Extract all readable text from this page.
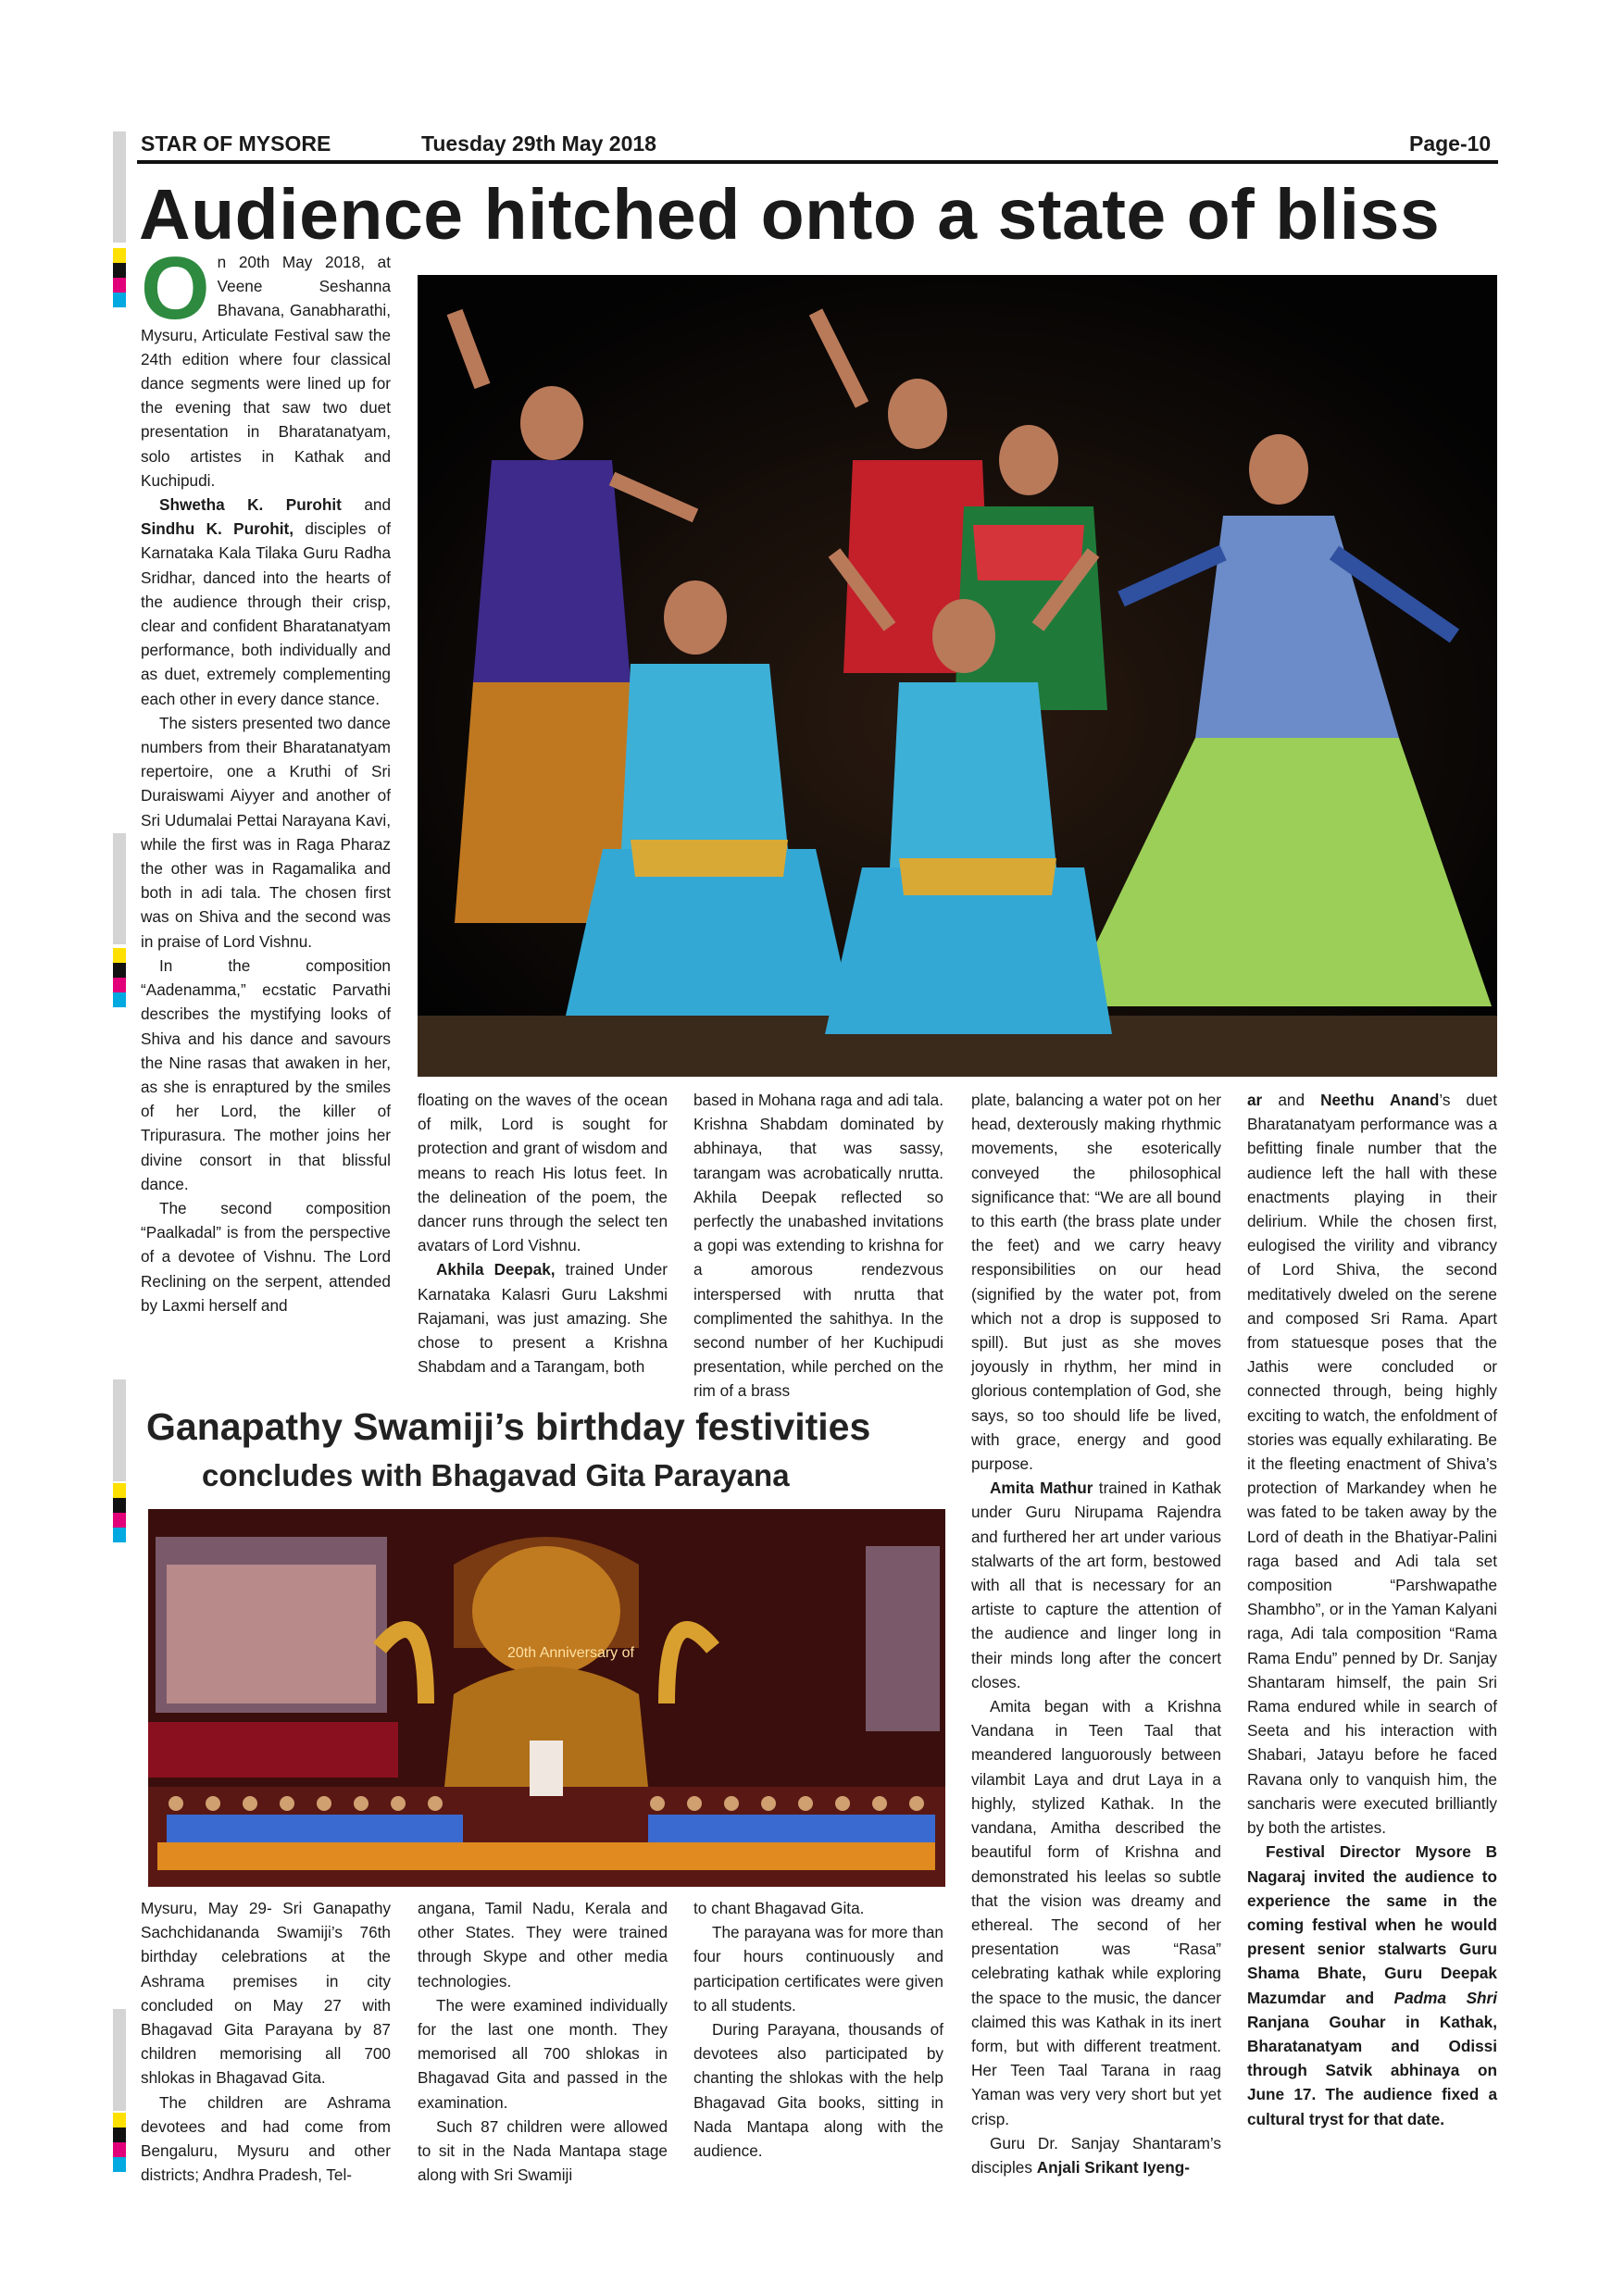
STAR OF MYSORE	Tuesday 29th May 2018	Page-10
Audience hitched onto a state of bliss

On 20th May 2018, at Veene Seshanna Bhavana, Ganabharathi, Mysuru, Articulate Festival saw the 24th edition where four classical dance segments were lined up for the evening that saw two duet presentation in Bharatanatyam, solo artistes in Kathak and Kuchipudi.

Shwetha K. Purohit and Sindhu K. Purohit, disciples of Karnataka Kala Tilaka Guru Radha Sridhar, danced into the hearts of the audience through their crisp, clear and confident Bharatanatyam performance, both individually and as duet, extremely complementing each other in every dance stance.

The sisters presented two dance numbers from their Bharatanatyam repertoire, one a Kruthi of Sri Duraiswami Aiyyer and another of Sri Udumalai Pettai Narayana Kavi, while the first was in Raga Pharaz the other was in Ragamalika and both in adi tala. The chosen first was on Shiva and the second was in praise of Lord Vishnu.

In the composition “Aadenamma,” ecstatic Parvathi describes the mystifying looks of Shiva and his dance and savours the Nine rasas that awaken in her, as she is enraptured by the smiles of her Lord, the killer of Tripurasura. The mother joins her divine consort in that blissful dance.

The second composition “Paalkadal” is from the perspective of a devotee of Vishnu. The Lord Reclining on the serpent, attended by Laxmi herself and

floating on the waves of the ocean of milk, Lord is sought for protection and grant of wisdom and means to reach His lotus feet. In the delineation of the poem, the dancer runs through the select ten avatars of Lord Vishnu.

Akhila Deepak, trained Under Karnataka Kalasri Guru Lakshmi Rajamani, was just amazing. She chose to present a Krishna Shabdam and a Tarangam, both

based in Mohana raga and adi tala. Krishna Shabdam dominated by abhinaya, that was sassy, tarangam was acrobatically nrutta. Akhila Deepak reflected so perfectly the unabashed invitations a gopi was extending to krishna for a amorous rendezvous interspersed with nrutta that complimented the sahithya. In the second number of her Kuchipudi presentation, while perched on the rim of a brass

plate, balancing a water pot on her head, dexterously making rhythmic movements, she esoterically conveyed the philosophical significance that: “We are all bound to this earth (the brass plate under the feet) and we carry heavy responsibilities on our head (signified by the water pot, from which not a drop is supposed to spill). But just as she moves joyously in rhythm, her mind in glorious contemplation of God, she says, so too should life be lived, with grace, energy and good purpose.

Amita Mathur trained in Kathak under Guru Nirupama Rajendra and furthered her art under various stalwarts of the art form, bestowed with all that is necessary for an artiste to capture the attention of the audience and linger long in their minds long after the concert closes.

Amita began with a Krishna Vandana in Teen Taal that meandered languorously between vilambit Laya and drut Laya in a highly, stylized Kathak. In the vandana, Amitha described the beautiful form of Krishna and demonstrated his leelas so subtle that the vision was dreamy and ethereal. The second of her presentation was “Rasa” celebrating kathak while exploring the space to the music, the dancer claimed this was Kathak in its inert form, but with different treatment. Her Teen Taal Tarana in raag Yaman was very very short but yet crisp.

Guru Dr. Sanjay Shantaram’s disciples Anjali Srikant Iyeng-

ar and Neethu Anand’s duet Bharatanatyam performance was a befitting finale number that the audience left the hall with these enactments playing in their delirium. While the chosen first, eulogised the virility and vibrancy of Lord Shiva, the second meditatively dweled on the serene and composed Sri Rama. Apart from statuesque poses that the Jathis were concluded or connected through, being highly exciting to watch, the enfoldment of stories was equally exhilarating. Be it the fleeting enactment of Shiva’s protection of Markandey when he was fated to be taken away by the Lord of death in the Bhatiyar-Palini raga based and Adi tala set composition “Parshwapathe Shambho”, or in the Yaman Kalyani raga, Adi tala composition “Rama Rama Endu” penned by Dr. Sanjay Shantaram himself, the pain Sri Rama endured while in search of Seeta and his interaction with Shabari, Jatayu before he faced Ravana only to vanquish him, the sancharis were executed brilliantly by both the artistes.

Festival Director Mysore B Nagaraj invited the audience to experience the same in the coming festival when he would present senior stalwarts Guru Shama Bhate, Guru Deepak Mazumdar and Padma Shri Ranjana Gouhar in Kathak, Bharatanatyam and Odissi through Satvik abhinaya on June 17. The audience fixed a cultural tryst for that date.

Ganapathy Swamiji’s birthday festivities
concludes with Bhagavad Gita Parayana
20th Anniversary of

Mysuru, May 29- Sri Ganapathy Sachchidananda Swamiji’s 76th birthday celebrations at the Ashrama premises in city concluded on May 27 with Bhagavad Gita Parayana by 87 children memorising all 700 shlokas in Bhagavad Gita.

The children are Ashrama devotees and had come from Bengaluru, Mysuru and other districts; Andhra Pradesh, Tel-

angana, Tamil Nadu, Kerala and other States. They were trained through Skype and other media technologies.

The were examined individually for the last one month. They memorised all 700 shlokas in Bhagavad Gita and passed in the examination.

Such 87 children were allowed to sit in the Nada Mantapa stage along with Sri Swamiji

to chant Bhagavad Gita.

The parayana was for more than four hours continuously and participation certificates were given to all students.

During Parayana, thousands of devotees also participated by chanting the shlokas with the help Bhagavad Gita books, sitting in Nada Mantapa along with the audience.
